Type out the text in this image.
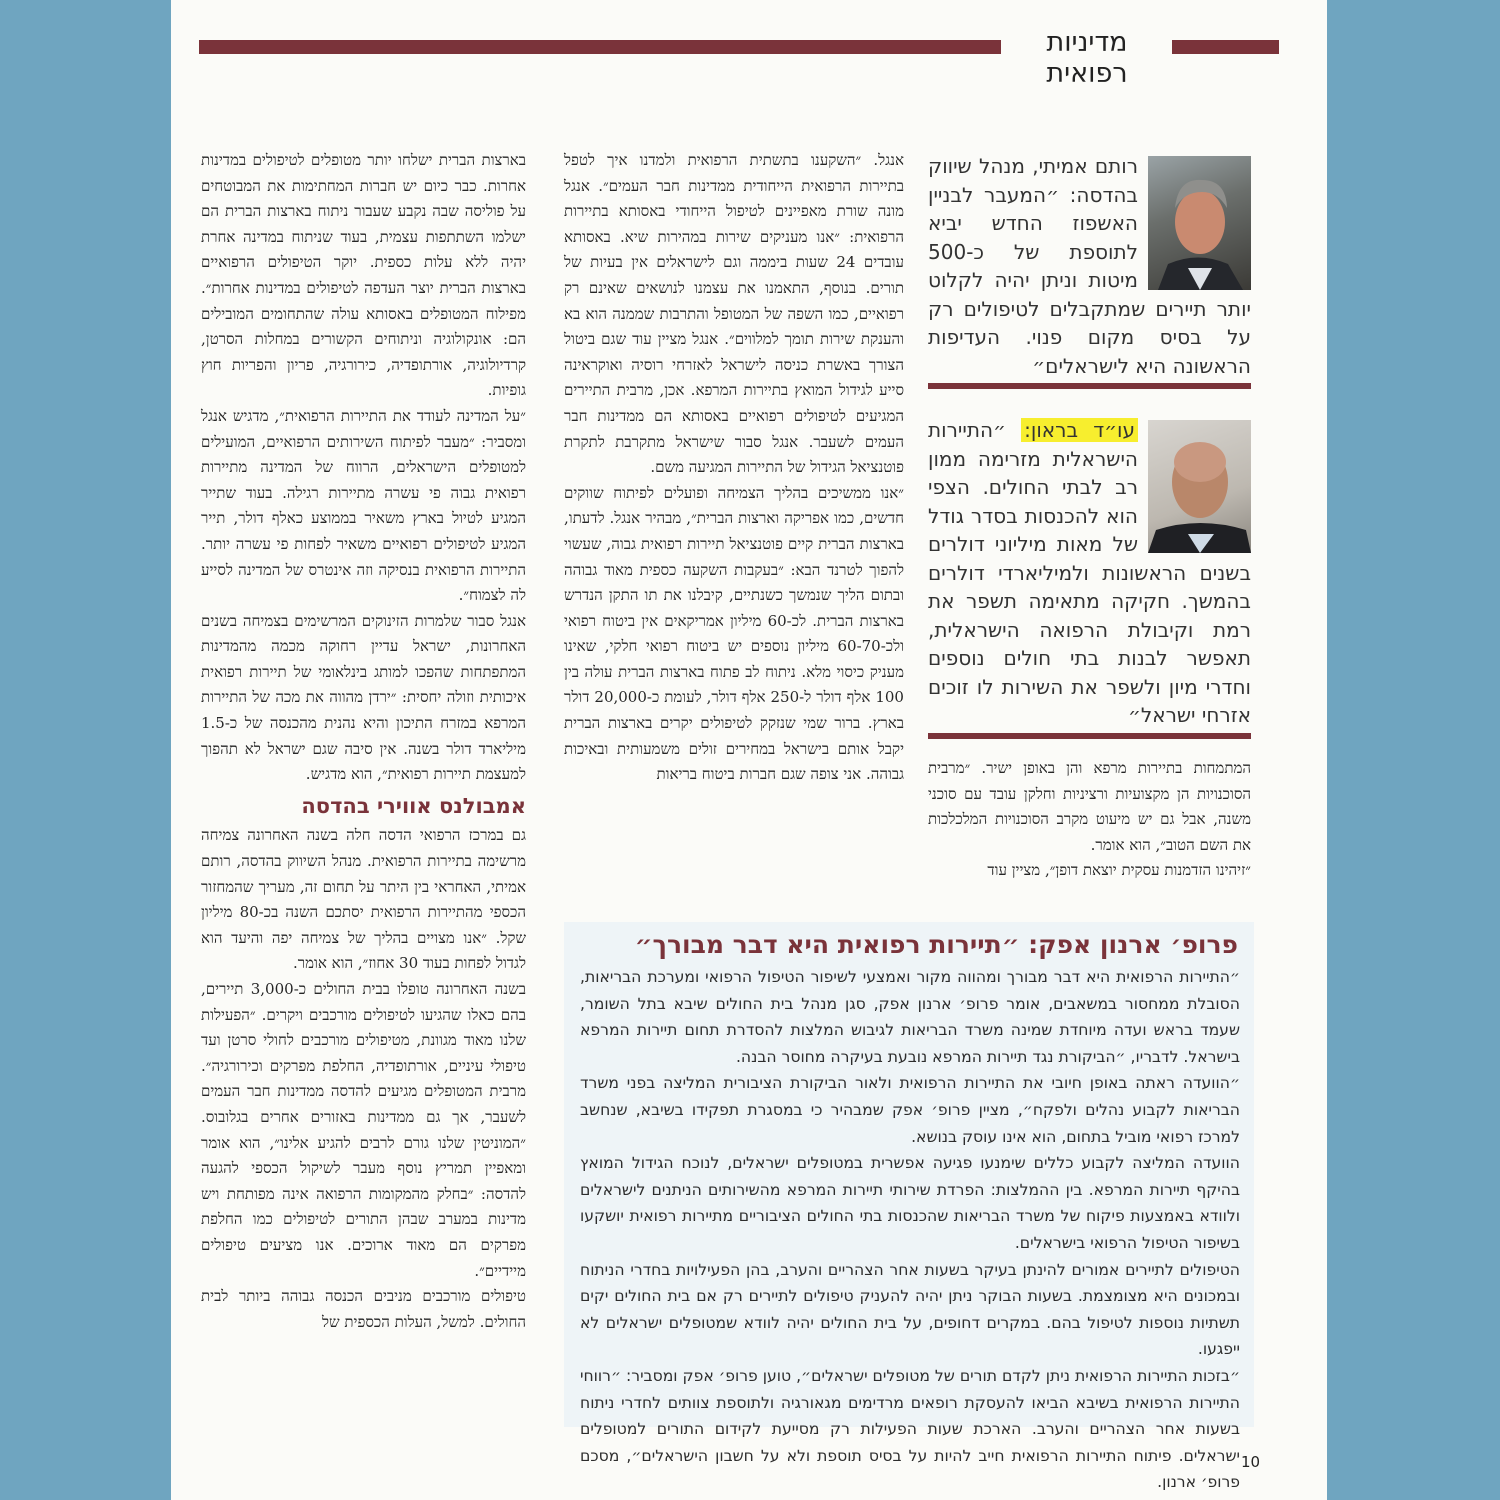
מדיניות רפואית
רותם אמיתי, מנהל שיווק בהדסה: ״המעבר לבניין האשפוז החדש יביא לתוספת של כ-500 מיטות וניתן יהיה לקלוט יותר תיירים שמתקבלים לטיפולים רק על בסיס מקום פנוי. העדיפות הראשונה היא לישראלים״
עו״ד בראון: ״התיירות הישראלית מזרימה ממון רב לבתי החולים. הצפי הוא להכנסות בסדר גודל של מאות מיליוני דולרים בשנים הראשונות ולמיליארדי דולרים בהמשך. חקיקה מתאימה תשפר את רמת וקיבולת הרפואה הישראלית, תאפשר לבנות בתי חולים נוספים וחדרי מיון ולשפר את השירות לו זוכים אזרחי ישראל״

המתמחות בתיירות מרפא והן באופן ישיר. ״מרבית הסוכנויות הן מקצועיות ורציניות וחלקן עובד עם סוכני משנה, אבל גם יש מיעוט מקרב הסוכנויות המלכלכות את השם הטוב״, הוא אומר.

״זיהינו הזדמנות עסקית יוצאת דופן״, מציין עוד

אנגל. ״השקענו בתשתית הרפואית ולמדנו איך לטפל בתיירות הרפואית הייחודית ממדינות חבר העמים״. אנגל מונה שורת מאפיינים לטיפול הייחודי באסותא בתיירות הרפואית: ״אנו מעניקים שירות במהירות שיא. באסותא עובדים 24 שעות ביממה וגם לישראלים אין בעיות של תורים. בנוסף, התאמנו את עצמנו לנושאים שאינם רק רפואיים, כמו השפה של המטופל והתרבות שממנה הוא בא והענקת שירות תומך למלווים״. אנגל מציין עוד שגם ביטול הצורך באשרת כניסה לישראל לאזרחי רוסיה ואוקראינה סייע לגידול המואץ בתיירות המרפא. אכן, מרבית התיירים המגיעים לטיפולים רפואיים באסותא הם ממדינות חבר העמים לשעבר. אנגל סבור שישראל מתקרבת לתקרת פוטנציאל הגידול של התיירות המגיעה משם.

״אנו ממשיכים בהליך הצמיחה ופועלים לפיתוח שווקים חדשים, כמו אפריקה וארצות הברית״, מבהיר אנגל. לדעתו, בארצות הברית קיים פוטנציאל תיירות רפואית גבוה, שעשוי להפוך לטרנד הבא: ״בעקבות השקעה כספית מאוד גבוהה ובתום הליך שנמשך כשנתיים, קיבלנו את תו התקן הנדרש בארצות הברית. לכ-60 מיליון אמריקאים אין ביטוח רפואי ולכ-60-70 מיליון נוספים יש ביטוח רפואי חלקי, שאינו מעניק כיסוי מלא. ניתוח לב פתוח בארצות הברית עולה בין 100 אלף דולר ל-250 אלף דולר, לעומת כ-20,000 דולר בארץ. ברור שמי שנזקק לטיפולים יקרים בארצות הברית יקבל אותם בישראל במחירים זולים משמעותית ובאיכות גבוהה. אני צופה שגם חברות ביטוח בריאות

בארצות הברית ישלחו יותר מטופלים לטיפולים במדינות אחרות. כבר כיום יש חברות המחתימות את המבוטחים על פוליסה שבה נקבע שעבור ניתוח בארצות הברית הם ישלמו השתתפות עצמית, בעוד שניתוח במדינה אחרת יהיה ללא עלות כספית. יוקר הטיפולים הרפואיים בארצות הברית יוצר העדפה לטיפולים במדינות אחרות״. מפילוח המטופלים באסותא עולה שהתחומים המובילים הם: אונקולוגיה וניתוחים הקשורים במחלות הסרטן, קרדיולוגיה, אורתופדיה, כירורגיה, פריון והפריות חוץ גופיות.

״על המדינה לעודד את התיירות הרפואית״, מדגיש אנגל ומסביר: ״מעבר לפיתוח השירותים הרפואיים, המועילים למטופלים הישראלים, הרווח של המדינה מתיירות רפואית גבוה פי עשרה מתיירות רגילה. בעוד שתייר המגיע לטיול בארץ משאיר בממוצע כאלף דולר, תייר המגיע לטיפולים רפואיים משאיר לפחות פי עשרה יותר. התיירות הרפואית בנסיקה וזה אינטרס של המדינה לסייע לה לצמוח״.

אנגל סבור שלמרות הזינוקים המרשימים בצמיחה בשנים האחרונות, ישראל עדיין רחוקה מכמה מהמדינות המתפתחות שהפכו למותג בינלאומי של תיירות רפואית איכותית וזולה יחסית: ״ירדן מהווה את מכה של התיירות המרפא במזרח התיכון והיא נהנית מהכנסה של כ-1.5 מיליארד דולר בשנה. אין סיבה שגם ישראל לא תהפוך למעצמת תיירות רפואית״, הוא מדגיש.

אמבולנס אווירי בהדסה

גם במרכז הרפואי הדסה חלה בשנה האחרונה צמיחה מרשימה בתיירות הרפואית. מנהל השיווק בהדסה, רותם אמיתי, האחראי בין היתר על תחום זה, מעריך שהמחזור הכספי מהתיירות הרפואית יסתכם השנה בכ-80 מיליון שקל. ״אנו מצויים בהליך של צמיחה יפה והיעד הוא לגדול לפחות בעוד 30 אחוז״, הוא אומר.

בשנה האחרונה טופלו בבית החולים כ-3,000 תיירים, בהם כאלו שהגיעו לטיפולים מורכבים ויקרים. ״הפעילות שלנו מאוד מגוונת, מטיפולים מורכבים לחולי סרטן ועד טיפולי עיניים, אורתופדיה, החלפת מפרקים וכירורגיה״. מרבית המטופלים מגיעים להדסה ממדינות חבר העמים לשעבר, אך גם ממדינות באזורים אחרים בגלובוס. ״המוניטין שלנו גורם לרבים להגיע אלינו״, הוא אומר ומאפיין תמריץ נוסף מעבר לשיקול הכספי להגעה להדסה: ״בחלק מהמקומות הרפואה אינה מפותחת ויש מדינות במערב שבהן התורים לטיפולים כמו החלפת מפרקים הם מאוד ארוכים. אנו מציעים טיפולים מיידיים״.

טיפולים מורכבים מניבים הכנסה גבוהה ביותר לבית החולים. למשל, העלות הכספית של

פרופ׳ ארנון אפק: ״תיירות רפואית היא דבר מבורך״

״התיירות הרפואית היא דבר מבורך ומהווה מקור ואמצעי לשיפור הטיפול הרפואי ומערכת הבריאות, הסובלת ממחסור במשאבים, אומר פרופ׳ ארנון אפק, סגן מנהל בית החולים שיבא בתל השומר, שעמד בראש ועדה מיוחדת שמינה משרד הבריאות לגיבוש המלצות להסדרת תחום תיירות המרפא בישראל. לדבריו, ״הביקורת נגד תיירות המרפא נובעת בעיקרה מחוסר הבנה.

״הוועדה ראתה באופן חיובי את התיירות הרפואית ולאור הביקורת הציבורית המליצה בפני משרד הבריאות לקבוע נהלים ולפקח״, מציין פרופ׳ אפק שמבהיר כי במסגרת תפקידו בשיבא, שנחשב למרכז רפואי מוביל בתחום, הוא אינו עוסק בנושא.

הוועדה המליצה לקבוע כללים שימנעו פגיעה אפשרית במטופלים ישראלים, לנוכח הגידול המואץ בהיקף תיירות המרפא. בין ההמלצות: הפרדת שירותי תיירות המרפא מהשירותים הניתנים לישראלים ולוודא באמצעות פיקוח של משרד הבריאות שהכנסות בתי החולים הציבוריים מתיירות רפואית יושקעו בשיפור הטיפול הרפואי בישראלים.

הטיפולים לתיירים אמורים להינתן בעיקר בשעות אחר הצהריים והערב, בהן הפעילויות בחדרי הניתוח ובמכונים היא מצומצמת. בשעות הבוקר ניתן יהיה להעניק טיפולים לתיירים רק אם בית החולים יקים תשתיות נוספות לטיפול בהם. במקרים דחופים, על בית החולים יהיה לוודא שמטופלים ישראלים לא ייפגעו.

״בזכות התיירות הרפואית ניתן לקדם תורים של מטופלים ישראלים״, טוען פרופ׳ אפק ומסביר: ״רווחי התיירות הרפואית בשיבא הביאו להעסקת רופאים מרדימים מגאורגיה ולתוספת צוותים לחדרי ניתוח בשעות אחר הצהריים והערב. הארכת שעות הפעילות רק מסייעת לקידום התורים למטופלים ישראלים. פיתוח התיירות הרפואית חייב להיות על בסיס תוספת ולא על חשבון הישראלים״, מסכם פרופ׳ ארנון.

10
